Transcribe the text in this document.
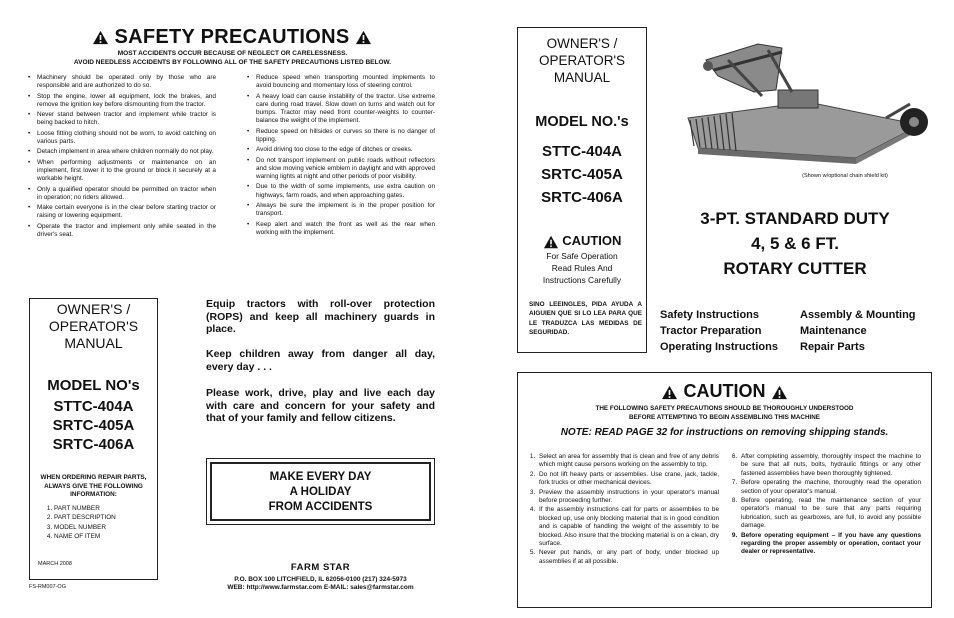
SAFETY PRECAUTIONS
MOST ACCIDENTS OCCUR BECAUSE OF NEGLECT OR CARELESSNESS.
AVOID NEEDLESS ACCIDENTS BY FOLLOWING ALL OF THE SAFETY PRECAUTIONS LISTED BELOW.
• Machinery should be operated only by those who are responsible and are authorized to do so.
• Stop the engine, lower all equipment, lock the brakes, and remove the ignition key before dismounting from the tractor.
• Never stand between tractor and implement while tractor is being backed to hitch.
• Loose fitting clothing should not be worn, to avoid catching on various parts.
• Detach implement in area where children normally do not play.
• When performing adjustments or maintenance on an implement, first lower it to the ground or block it securely at a workable height.
• Only a qualified operator should be permitted on tractor when in operation; no riders allowed.
• Make certain everyone is in the clear before starting tractor or raising or lowering equipment.
• Operate the tractor and implement only while seated in the driver's seat.
• Reduce speed when transporting mounted implements to avoid bouncing and momentary loss of steering control.
• A heavy load can cause instability of the tractor. Use extreme care during road travel. Slow down on turns and watch out for bumps. Tractor may need front counter-weights to counter-balance the weight of the implement.
• Reduce speed on hillsides or curves so there is no danger of tipping.
• Avoid driving too close to the edge of ditches or creeks.
• Do not transport implement on public roads without reflectors and slow moving vehicle emblem in daylight and with approved warning lights at night and other periods of poor visibility.
• Due to the width of some implements, use extra caution on highways, farm roads, and when approaching gates.
• Always be sure the implement is in the proper position for transport.
• Keep alert and watch the front as well as the rear when working with the implement.
OWNER'S /
OPERATOR'S
MANUAL
MODEL NO's
STTC-404A
SRTC-405A
SRTC-406A
WHEN ORDERING REPAIR PARTS, ALWAYS GIVE THE FOLLOWING INFORMATION:
1. PART NUMBER
2. PART DESCRIPTION
3. MODEL NUMBER
4. NAME OF ITEM
MARCH 2008
FS-RM007-OG
Equip tractors with roll-over protection (ROPS) and keep all machinery guards in place.
Keep children away from danger all day, every day . . .
Please work, drive, play and live each day with care and concern for your safety and that of your family and fellow citizens.
MAKE EVERY DAY
A HOLIDAY
FROM ACCIDENTS
FARM STAR
P.O. BOX 100 LITCHFIELD, IL 62056-0100 (217) 324-5973
WEB: http://www.farmstar.com E-MAIL: sales@farmstar.com
OWNER'S /
OPERATOR'S
MANUAL
MODEL NO.'s
STTC-404A
SRTC-405A
SRTC-406A
CAUTION
For Safe Operation
Read Rules And
Instructions Carefully
SINO LEEINGLES, PIDA AYUDA A AIGUIEN QUE SI LO LEA PARA QUE LE TRADUZCA LAS MEDIDAS DE SEGURIDAD.
(Shown w/optional chain shield kit)
3-PT. STANDARD DUTY
4, 5 & 6 FT.
ROTARY CUTTER
Safety Instructions
Tractor Preparation
Operating Instructions
Assembly & Mounting
Maintenance
Repair Parts
CAUTION
THE FOLLOWING SAFETY PRECAUTIONS SHOULD BE THOROUGHLY UNDERSTOOD
BEFORE ATTEMPTING TO BEGIN ASSEMBLING THIS MACHINE
NOTE: READ PAGE 32 for instructions on removing shipping stands.
1. Select an area for assembly that is clean and free of any debris which might cause persons working on the assembly to trip.
2. Do not lift heavy parts or assemblies. Use crane, jack, tackle, fork trucks or other mechanical devices.
3. Preview the assembly instructions in your operator's manual before proceeding further.
4. If the assembly instructions call for parts or assemblies to be blocked up, use only blocking material that is in good condition and is capable of handling the weight of the assembly to be blocked. Also insure that the blocking material is on a clean, dry surface.
5. Never put hands, or any part of body, under blocked up assemblies if at all possible.
6. After completing assembly, thoroughly inspect the machine to be sure that all nuts, bolts, hydraulic fittings or any other fastened assemblies have been thoroughly tightened.
7. Before operating the machine, thoroughly read the operation section of your operator's manual.
8. Before operating, read the maintenance section of your operator's manual to be sure that any parts requiring lubrication, such as gearboxes, are full, to avoid any possible damage.
9. Before operating equipment – If you have any questions regarding the proper assembly or operation, contact your dealer or representative.
